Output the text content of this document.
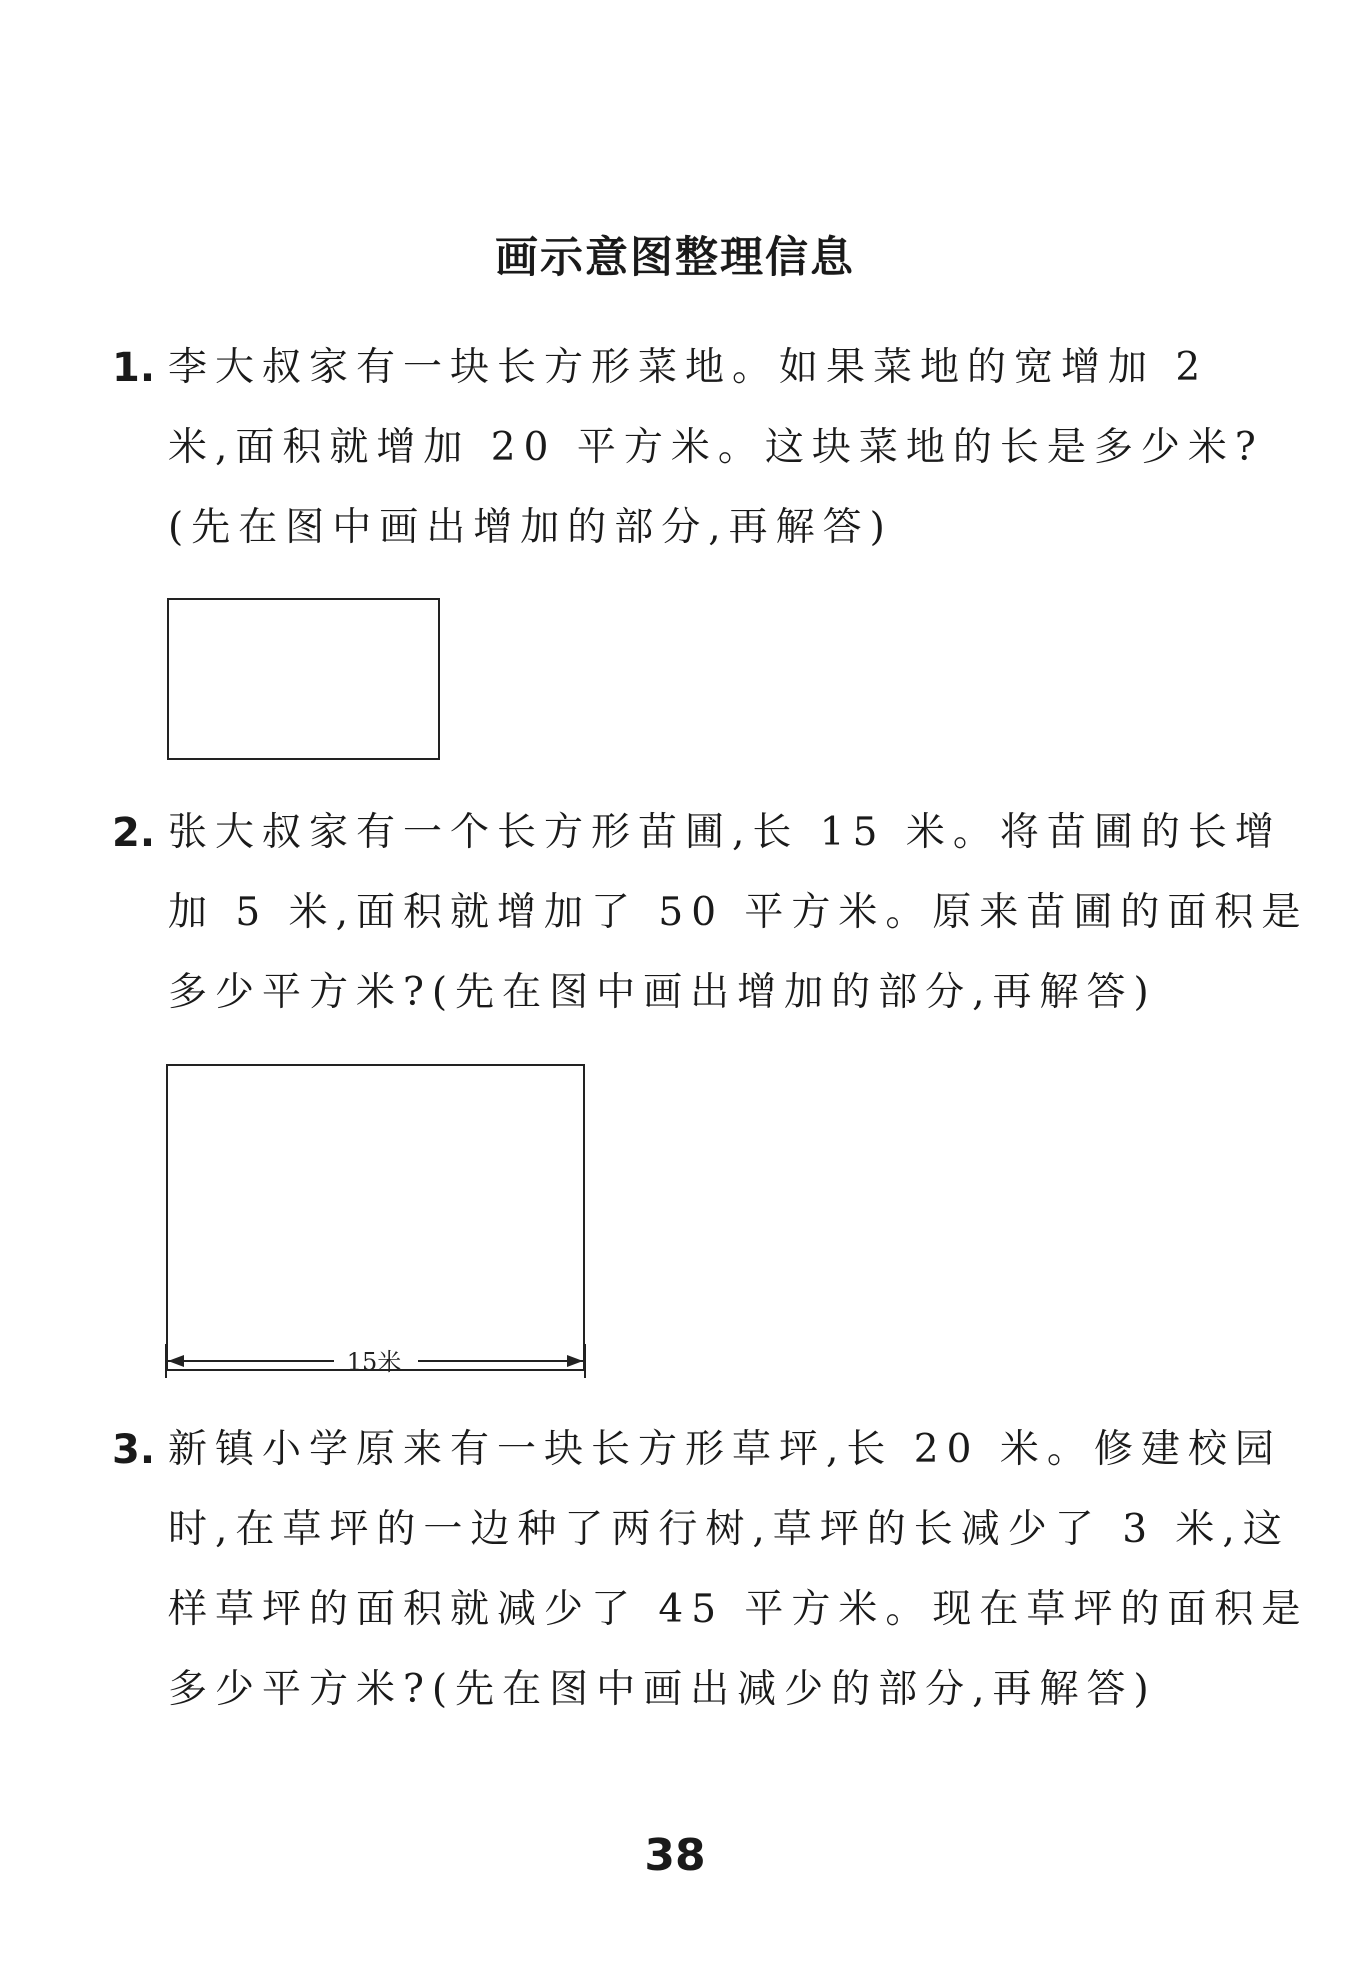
画示意图整理信息
1. 李大叔家有一块长方形菜地。如果菜地的宽增加 2
米,面积就增加 20 平方米。这块菜地的长是多少米?
(先在图中画出增加的部分,再解答)
2. 张大叔家有一个长方形苗圃,长 15 米。将苗圃的长增
加 5 米,面积就增加了 50 平方米。原来苗圃的面积是
多少平方米?(先在图中画出增加的部分,再解答)
15米
3. 新镇小学原来有一块长方形草坪,长 20 米。修建校园
时,在草坪的一边种了两行树,草坪的长减少了 3 米,这
样草坪的面积就减少了 45 平方米。现在草坪的面积是
多少平方米?(先在图中画出减少的部分,再解答)
38
